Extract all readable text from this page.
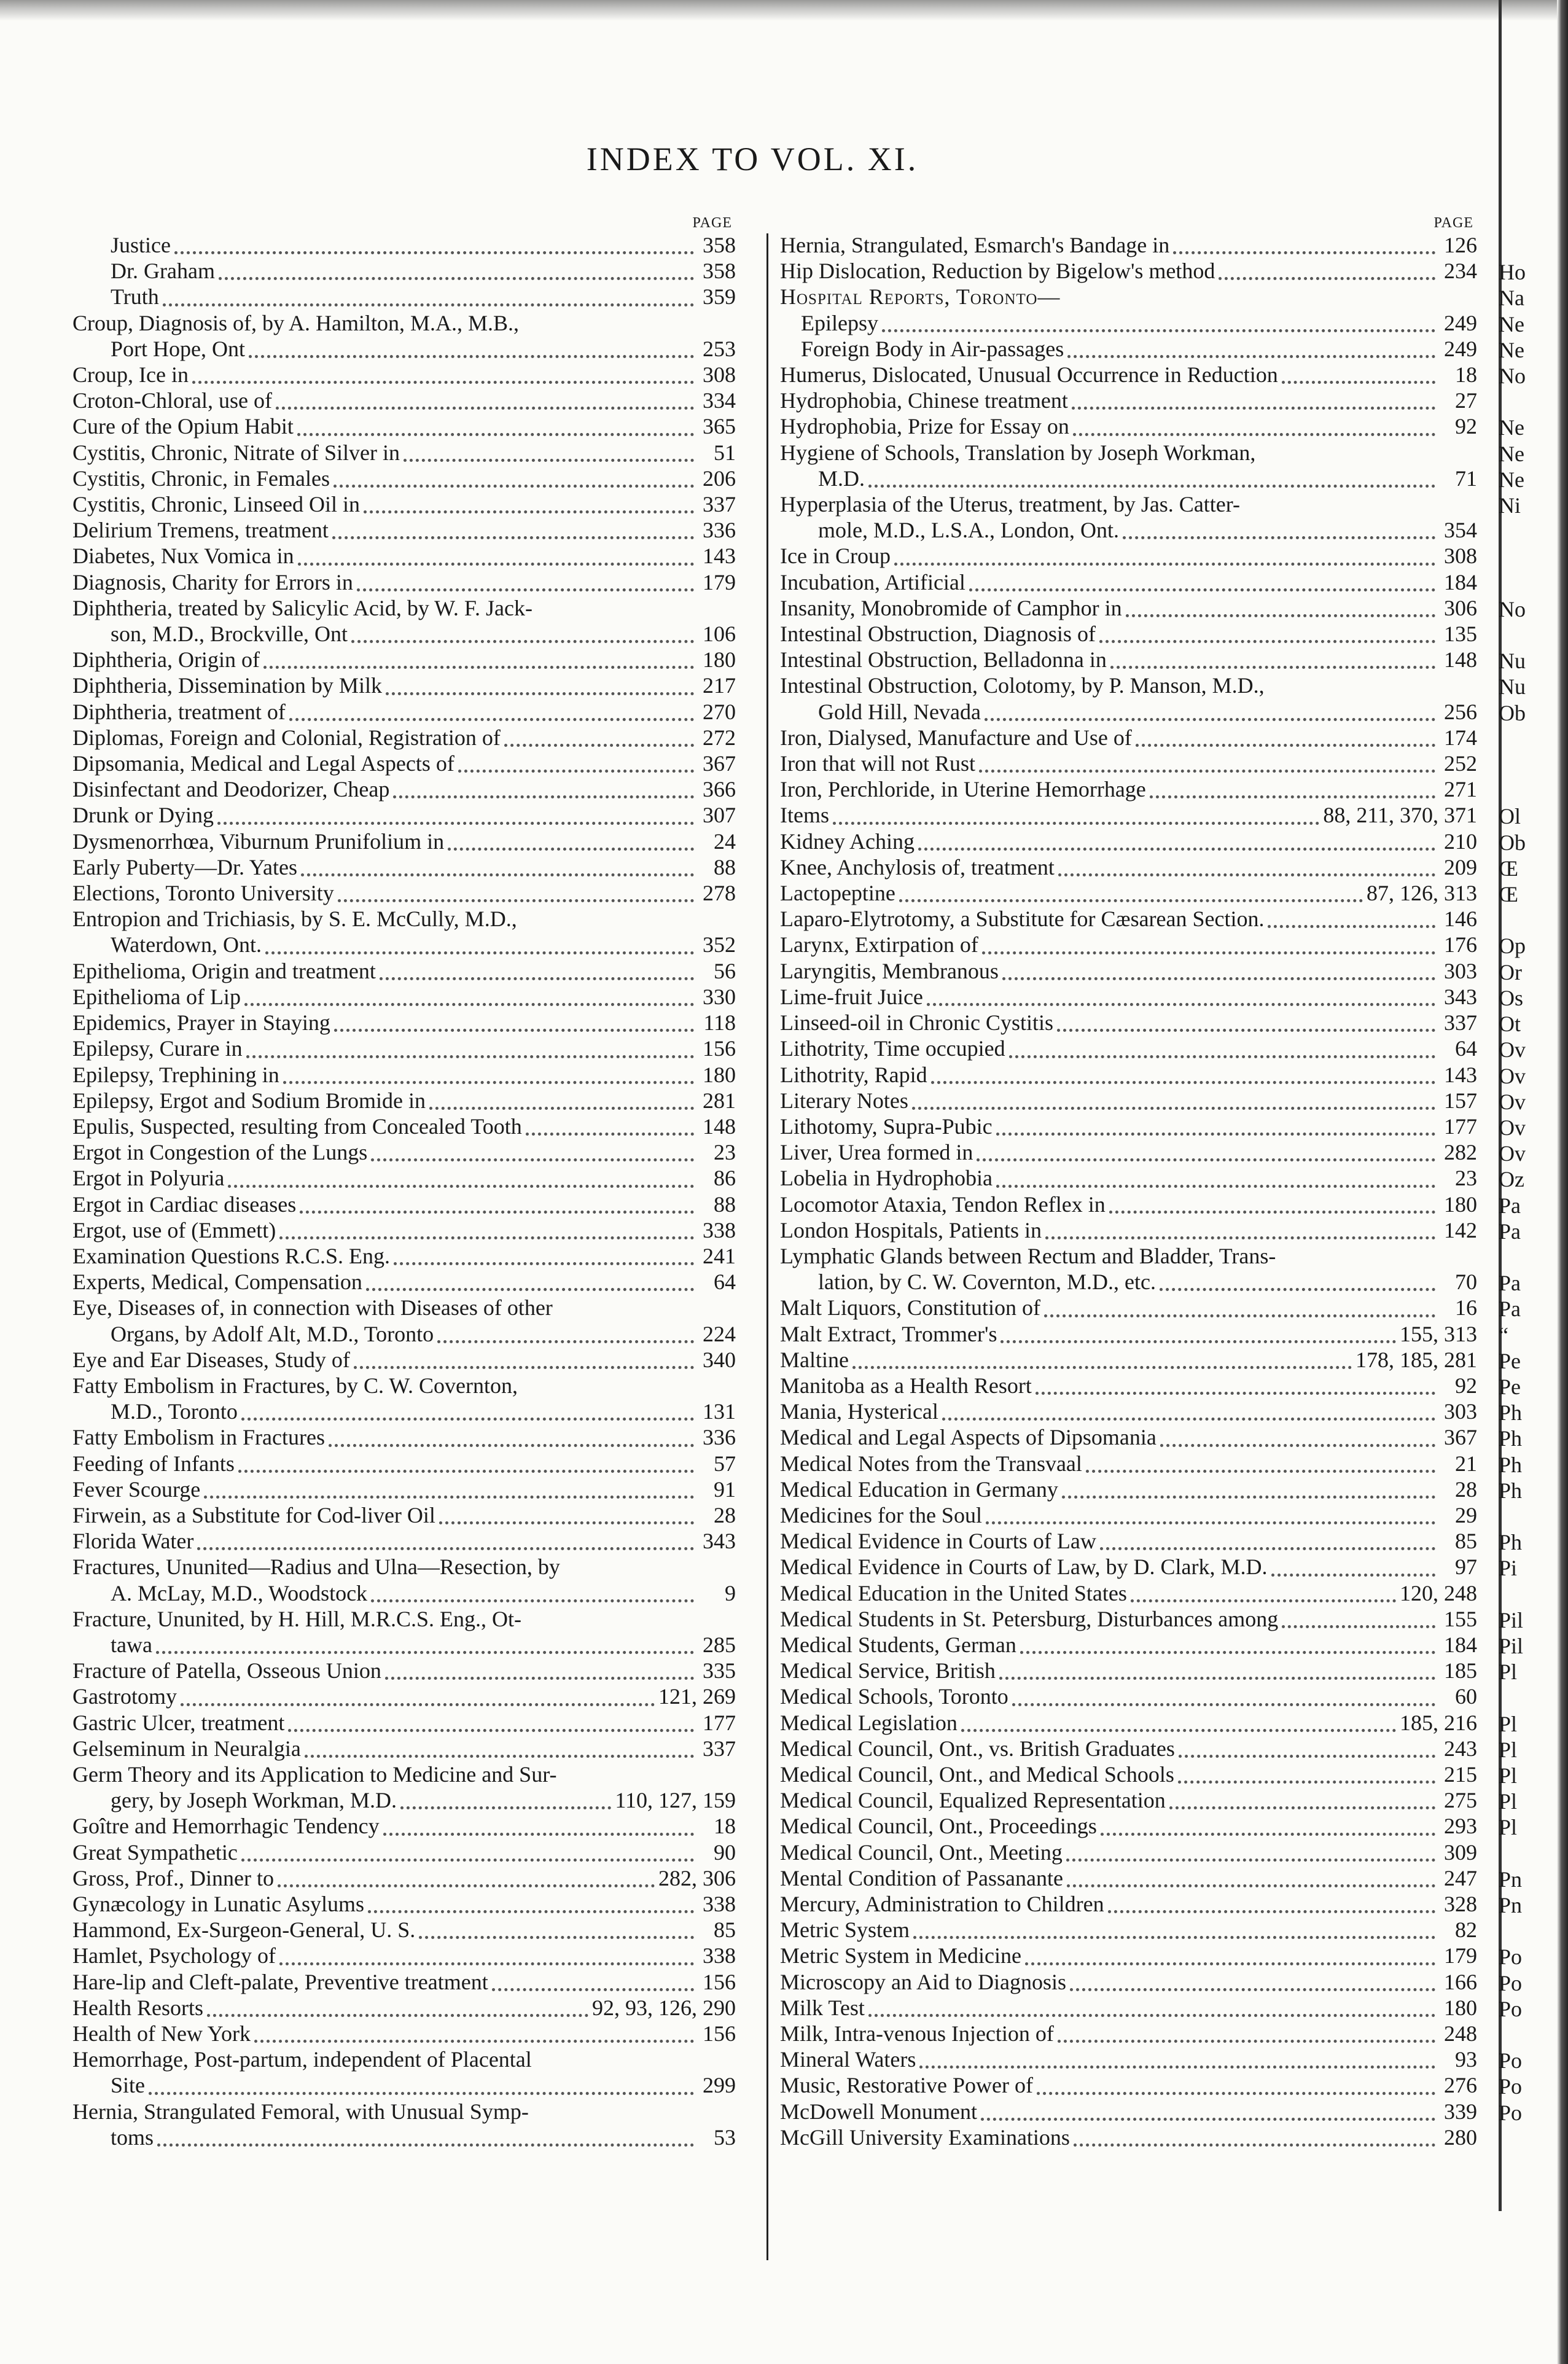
INDEX TO VOL. XI.
PAGE
Justice	358
Dr. Graham	358
Truth	359
Croup, Diagnosis of, by A. Hamilton, M.A., M.B.,
Port Hope, Ont	253
Croup, Ice in	308
Croton-Chloral, use of	334
Cure of the Opium Habit	365
Cystitis, Chronic, Nitrate of Silver in	51
Cystitis, Chronic, in Females	206
Cystitis, Chronic, Linseed Oil in	337
Delirium Tremens, treatment	336
Diabetes, Nux Vomica in	143
Diagnosis, Charity for Errors in	179
Diphtheria, treated by Salicylic Acid, by W. F. Jack-
son, M.D., Brockville, Ont	106
Diphtheria, Origin of	180
Diphtheria, Dissemination by Milk	217
Diphtheria, treatment of	270
Diplomas, Foreign and Colonial, Registration of	272
Dipsomania, Medical and Legal Aspects of	367
Disinfectant and Deodorizer, Cheap	366
Drunk or Dying	307
Dysmenorrhœa, Viburnum Prunifolium in	24
Early Puberty—Dr. Yates	88
Elections, Toronto University	278
Entropion and Trichiasis, by S. E. McCully, M.D.,
Waterdown, Ont.	352
Epithelioma, Origin and treatment	56
Epithelioma of Lip	330
Epidemics, Prayer in Staying	118
Epilepsy, Curare in	156
Epilepsy, Trephining in	180
Epilepsy, Ergot and Sodium Bromide in	281
Epulis, Suspected, resulting from Concealed Tooth	148
Ergot in Congestion of the Lungs	23
Ergot in Polyuria	86
Ergot in Cardiac diseases	88
Ergot, use of (Emmett)	338
Examination Questions R.C.S. Eng.	241
Experts, Medical, Compensation	64
Eye, Diseases of, in connection with Diseases of other
Organs, by Adolf Alt, M.D., Toronto	224
Eye and Ear Diseases, Study of	340
Fatty Embolism in Fractures, by C. W. Covernton,
M.D., Toronto	131
Fatty Embolism in Fractures	336
Feeding of Infants	57
Fever Scourge	91
Firwein, as a Substitute for Cod-liver Oil	28
Florida Water	343
Fractures, Ununited—Radius and Ulna—Resection, by
A. McLay, M.D., Woodstock	9
Fracture, Ununited, by H. Hill, M.R.C.S. Eng., Ot-
tawa	285
Fracture of Patella, Osseous Union	335
Gastrotomy	121, 269
Gastric Ulcer, treatment	177
Gelseminum in Neuralgia	337
Germ Theory and its Application to Medicine and Sur-
gery, by Joseph Workman, M.D.	110, 127, 159
Goître and Hemorrhagic Tendency	18
Great Sympathetic	90
Gross, Prof., Dinner to	282, 306
Gynæcology in Lunatic Asylums	338
Hammond, Ex-Surgeon-General, U. S.	85
Hamlet, Psychology of	338
Hare-lip and Cleft-palate, Preventive treatment	156
Health Resorts	92, 93, 126, 290
Health of New York	156
Hemorrhage, Post-partum, independent of Placental
Site	299
Hernia, Strangulated Femoral, with Unusual Symp-
toms	53
PAGE
Hernia, Strangulated, Esmarch's Bandage in	126
Hip Dislocation, Reduction by Bigelow's method	234
Hospital Reports, Toronto—
Epilepsy	249
Foreign Body in Air-passages	249
Humerus, Dislocated, Unusual Occurrence in Reduction	18
Hydrophobia, Chinese treatment	27
Hydrophobia, Prize for Essay on	92
Hygiene of Schools, Translation by Joseph Workman,
M.D.	71
Hyperplasia of the Uterus, treatment, by Jas. Catter-
mole, M.D., L.S.A., London, Ont.	354
Ice in Croup	308
Incubation, Artificial	184
Insanity, Monobromide of Camphor in	306
Intestinal Obstruction, Diagnosis of	135
Intestinal Obstruction, Belladonna in	148
Intestinal Obstruction, Colotomy, by P. Manson, M.D.,
Gold Hill, Nevada	256
Iron, Dialysed, Manufacture and Use of	174
Iron that will not Rust	252
Iron, Perchloride, in Uterine Hemorrhage	271
Items	88, 211, 370, 371
Kidney Aching	210
Knee, Anchylosis of, treatment	209
Lactopeptine	87, 126, 313
Laparo-Elytrotomy, a Substitute for Cæsarean Section.	146
Larynx, Extirpation of	176
Laryngitis, Membranous	303
Lime-fruit Juice	343
Linseed-oil in Chronic Cystitis	337
Lithotrity, Time occupied	64
Lithotrity, Rapid	143
Literary Notes	157
Lithotomy, Supra-Pubic	177
Liver, Urea formed in	282
Lobelia in Hydrophobia	23
Locomotor Ataxia, Tendon Reflex in	180
London Hospitals, Patients in	142
Lymphatic Glands between Rectum and Bladder, Trans-
lation, by C. W. Covernton, M.D., etc.	70
Malt Liquors, Constitution of	16
Malt Extract, Trommer's	155, 313
Maltine	178, 185, 281
Manitoba as a Health Resort	92
Mania, Hysterical	303
Medical and Legal Aspects of Dipsomania	367
Medical Notes from the Transvaal	21
Medical Education in Germany	28
Medicines for the Soul	29
Medical Evidence in Courts of Law	85
Medical Evidence in Courts of Law, by D. Clark, M.D.	97
Medical Education in the United States	120, 248
Medical Students in St. Petersburg, Disturbances among	155
Medical Students, German	184
Medical Service, British	185
Medical Schools, Toronto	60
Medical Legislation	185, 216
Medical Council, Ont., vs. British Graduates	243
Medical Council, Ont., and Medical Schools	215
Medical Council, Equalized Representation	275
Medical Council, Ont., Proceedings	293
Medical Council, Ont., Meeting	309
Mental Condition of Passanante	247
Mercury, Administration to Children	328
Metric System	82
Metric System in Medicine	179
Microscopy an Aid to Diagnosis	166
Milk Test	180
Milk, Intra-venous Injection of	248
Mineral Waters	93
Music, Restorative Power of	276
McDowell Monument	339
McGill University Examinations	280

Ho
Na
Ne
Ne
No

Ne
Ne
Ne
Ni

No

Nu
Nu
Ob

Ol
Ob
Œ
Œ

Op
Or
Os
Ot
Ov
Ov
Ov
Ov
Ov
Oz
Pa
Pa

Pa
Pa
“
Pe
Pe
Ph
Ph
Ph
Ph

Ph
Pi

Pil
Pil
Pl

Pl
Pl
Pl
Pl
Pl

Pn
Pn

Po
Po
Po

Po
Po
Po
